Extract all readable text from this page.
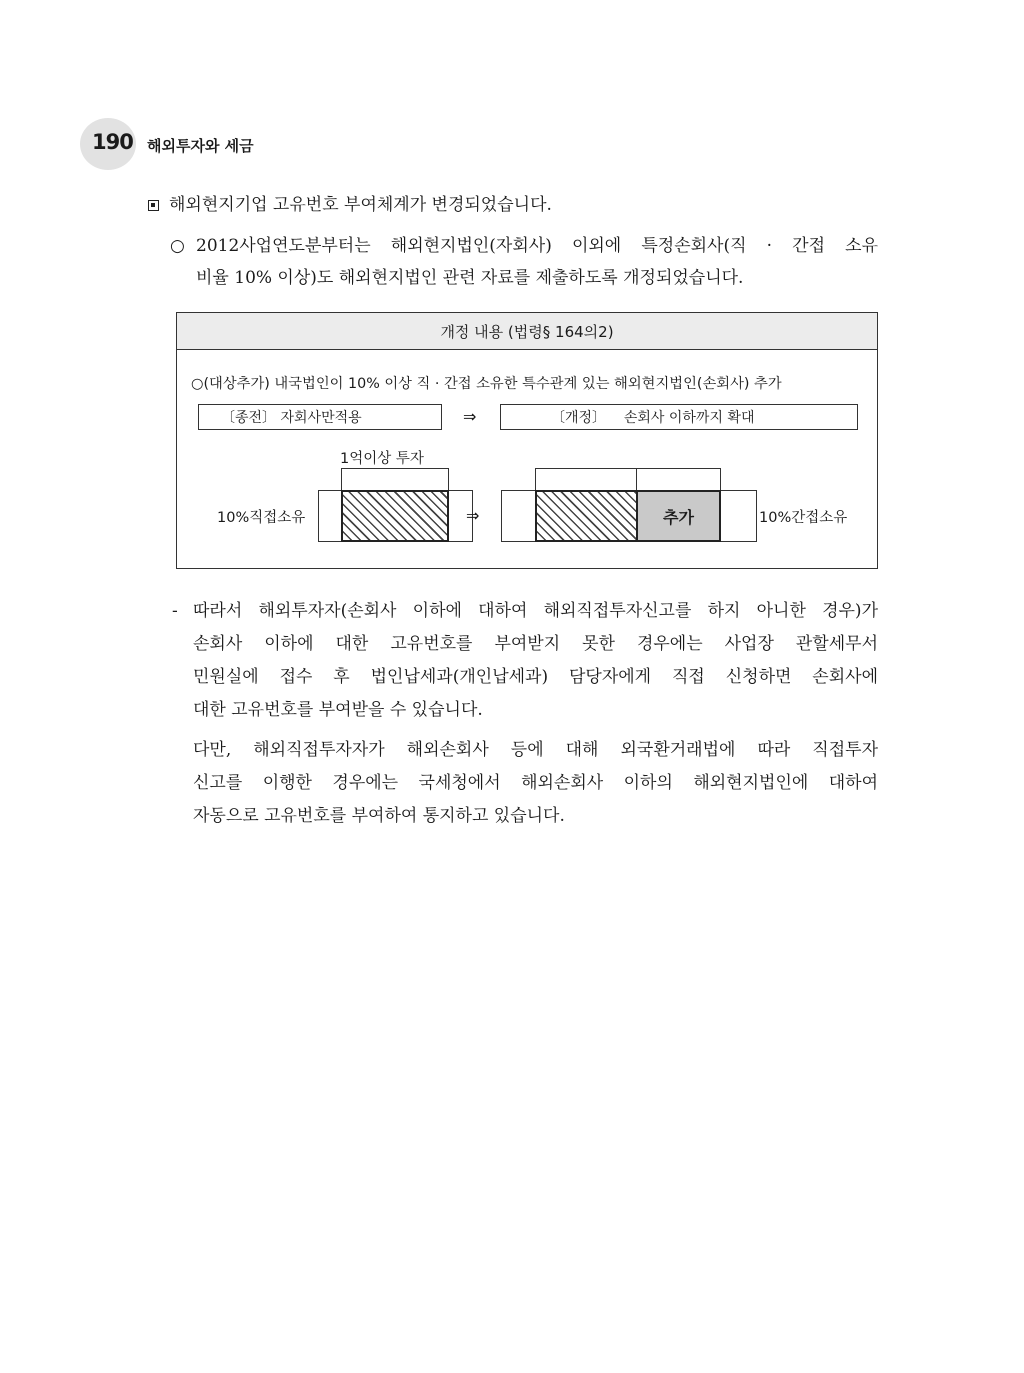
190 해외투자와 세금
해외현지기업 고유번호 부여체계가 변경되었습니다.
○ 2012사업연도분부터는 해외현지법인(자회사) 이외에 특정손회사(직 · 간접 소유
비율 10% 이상)도 해외현지법인 관련 자료를 제출하도록 개정되었습니다.
개정 내용 (법령§ 164의2)
○(대상추가) 내국법인이 10% 이상 직 · 간접 소유한 특수관계 있는 해외현지법인(손회사) 추가
〔종전〕 자회사만적용	⇒	〔개정〕    손회사 이하까지 확대
1억이상 투자
10%직접소유	⇒	추가	10%간접소유
- 따라서 해외투자자(손회사 이하에 대하여 해외직접투자신고를 하지 아니한 경우)가
손회사 이하에 대한 고유번호를 부여받지 못한 경우에는 사업장 관할세무서
민원실에 접수 후 법인납세과(개인납세과) 담당자에게 직접 신청하면 손회사에
대한 고유번호를 부여받을 수 있습니다.
다만, 해외직접투자자가 해외손회사 등에 대해 외국환거래법에 따라 직접투자
신고를 이행한 경우에는 국세청에서 해외손회사 이하의 해외현지법인에 대하여
자동으로 고유번호를 부여하여 통지하고 있습니다.
